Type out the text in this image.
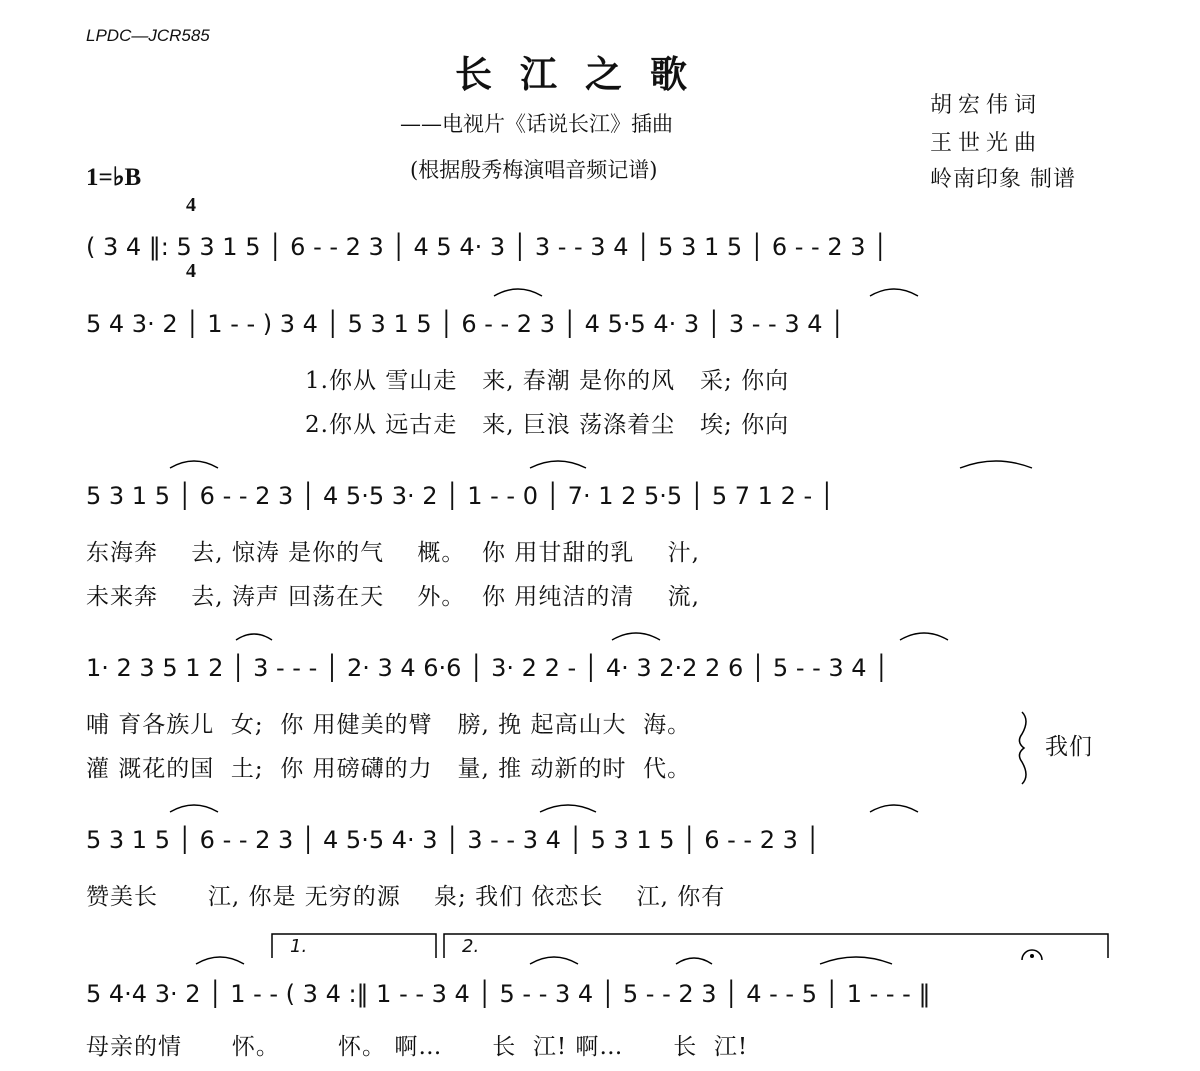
LPDC—JCR585
长江之歌
——电视片《话说长江》插曲
(根据殷秀梅演唱音频记谱)
胡宏伟词
王世光曲
岭南印象 制谱
1=♭B

4

4

( 3 4 ‖: 5 3 1 5 │ 6 - - 2 3 │ 4 5 4· 3 │ 3 - - 3 4 │ 5 3 1 5 │ 6 - - 2 3 │
5 4 3· 2 │ 1 - - ) 3 4 │ 5 3 1 5 │ 6 - - 2 3 │ 4 5·5 4· 3 │ 3 - - 3 4 │
1.你从 雪山走   来, 春潮 是你的风   采; 你向
2.你从 远古走   来, 巨浪 荡涤着尘   埃; 你向
5 3 1 5 │ 6 - - 2 3 │ 4 5·5 3· 2 │ 1 - - 0 │ 7· 1 2 5·5 │ 5 7 1 2 - │
东海奔    去, 惊涛 是你的气    概。  你 用甘甜的乳    汁,
未来奔    去, 涛声 回荡在天    外。  你 用纯洁的清    流,
1· 2 3 5 1 2 │ 3 - - - │ 2· 3 4 6·6 │ 3· 2 2 - │ 4· 3 2·2 2 6 │ 5 - - 3 4 │
哺 育各族儿  女;  你 用健美的臂   膀, 挽 起高山大  海。
灌 溉花的国  土;  你 用磅礴的力   量, 推 动新的时  代。
我们
5 3 1 5 │ 6 - - 2 3 │ 4 5·5 4· 3 │ 3 - - 3 4 │ 5 3 1 5 │ 6 - - 2 3 │
赞美长      江, 你是 无穷的源    泉; 我们 依恋长    江, 你有
1.	2.
5 4·4 3· 2 │ 1 - - ( 3 4 :‖ 1 - - 3 4 │ 5 - - 3 4 │ 5 - - 2 3 │ 4 - - 5 │ 1 - - - ‖
母亲的情      怀。       怀。 啊…      长  江! 啊…      长  江!
